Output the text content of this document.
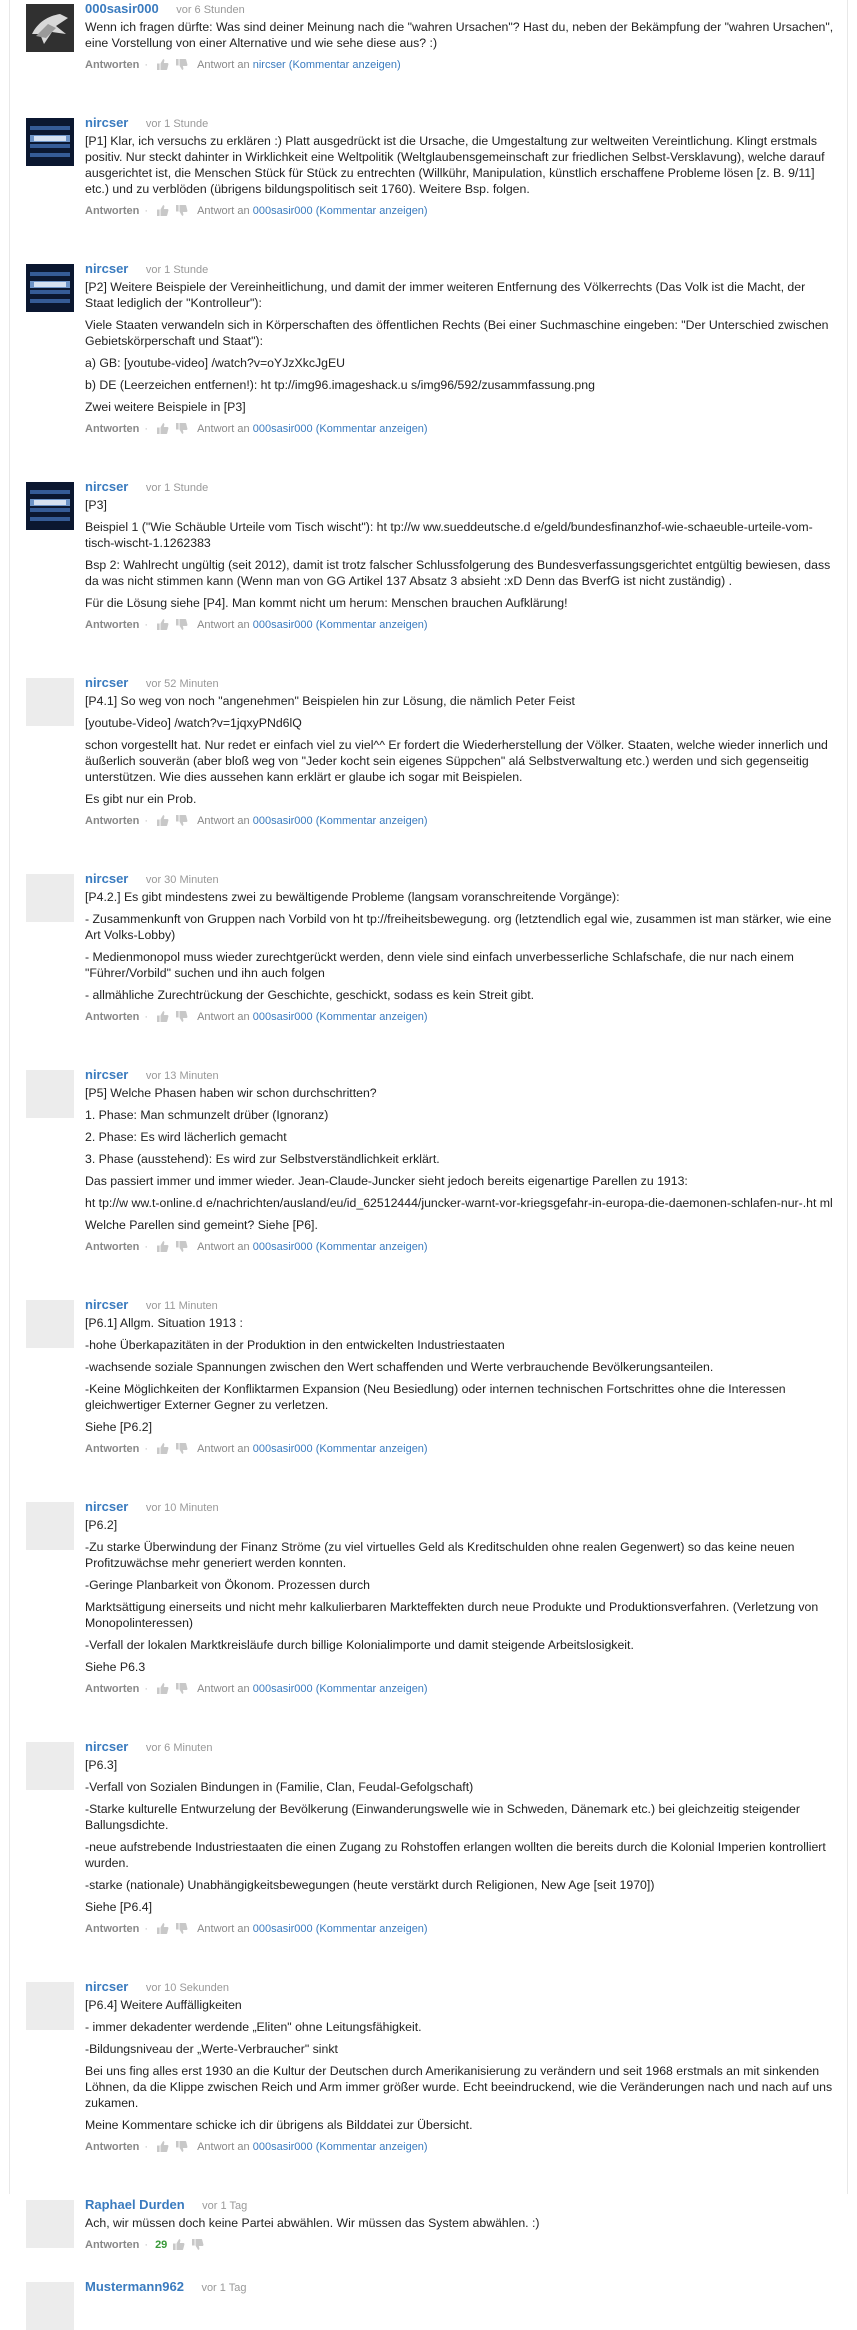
000sasir000 vor 6 Stunden

Wenn ich fragen dürfte: Was sind deiner Meinung nach die "wahren Ursachen"? Hast du, neben der Bekämpfung der "wahren Ursachen", eine Vorstellung von einer Alternative und wie sehe diese aus? :)

Antworten ·	Antwort an nircser (Kommentar anzeigen)
nircser vor 1 Stunde

[P1] Klar, ich versuchs zu erklären :) Platt ausgedrückt ist die Ursache, die Umgestaltung zur weltweiten Vereintlichung. Klingt erstmals positiv. Nur steckt dahinter in Wirklichkeit eine Weltpolitik (Weltglaubensgemeinschaft zur friedlichen Selbst-Versklavung), welche darauf ausgerichtet ist, die Menschen Stück für Stück zu entrechten (Willkühr, Manipulation, künstlich erschaffene Probleme lösen [z. B. 9/11] etc.) und zu verblöden (übrigens bildungspolitisch seit 1760). Weitere Bsp. folgen.

Antworten ·	Antwort an 000sasir000 (Kommentar anzeigen)
nircser vor 1 Stunde

[P2] Weitere Beispiele der Vereinheitlichung, und damit der immer weiteren Entfernung des Völkerrechts (Das Volk ist die Macht, der Staat lediglich der "Kontrolleur"):

Viele Staaten verwandeln sich in Körperschaften des öffentlichen Rechts (Bei einer Suchmaschine eingeben: "Der Unterschied zwischen Gebietskörperschaft und Staat"):

a) GB: [youtube-video] /watch?v=oYJzXkcJgEU

b) DE (Leerzeichen entfernen!): ht tp://img96.imageshack.u s/img96/592/zusammfassung.png

Zwei weitere Beispiele in [P3]

Antworten ·	Antwort an 000sasir000 (Kommentar anzeigen)
nircser vor 1 Stunde

[P3]

Beispiel 1 ("Wie Schäuble Urteile vom Tisch wischt"): ht tp://w ww.sueddeutsche.d e/geld/bundesfinanzhof-wie-schaeuble-urteile-vom-tisch-wischt-1.1262383

Bsp 2: Wahlrecht ungültig (seit 2012), damit ist trotz falscher Schlussfolgerung des Bundesverfassungsgerichtet entgültig bewiesen, dass da was nicht stimmen kann (Wenn man von GG Artikel 137 Absatz 3 absieht :xD Denn das BverfG ist nicht zuständig) .

Für die Lösung siehe [P4]. Man kommt nicht um herum: Menschen brauchen Aufklärung!

Antworten ·	Antwort an 000sasir000 (Kommentar anzeigen)
nircser vor 52 Minuten

[P4.1] So weg von noch "angenehmen" Beispielen hin zur Lösung, die nämlich Peter Feist

[youtube-Video] /watch?v=1jqxyPNd6lQ

schon vorgestellt hat. Nur redet er einfach viel zu viel^^ Er fordert die Wiederherstellung der Völker. Staaten, welche wieder innerlich und äußerlich souverän (aber bloß weg von "Jeder kocht sein eigenes Süppchen" alá Selbstverwaltung etc.) werden und sich gegenseitig unterstützen. Wie dies aussehen kann erklärt er glaube ich sogar mit Beispielen.

Es gibt nur ein Prob.

Antworten ·	Antwort an 000sasir000 (Kommentar anzeigen)
nircser vor 30 Minuten

[P4.2.] Es gibt mindestens zwei zu bewältigende Probleme (langsam voranschreitende Vorgänge):

- Zusammenkunft von Gruppen nach Vorbild von ht tp://freiheitsbewegung. org (letztendlich egal wie, zusammen ist man stärker, wie eine Art Volks-Lobby)

- Medienmonopol muss wieder zurechtgerückt werden, denn viele sind einfach unverbesserliche Schlafschafe, die nur nach einem "Führer/Vorbild" suchen und ihn auch folgen

- allmähliche Zurechtrückung der Geschichte, geschickt, sodass es kein Streit gibt.

Antworten ·	Antwort an 000sasir000 (Kommentar anzeigen)
nircser vor 13 Minuten

[P5] Welche Phasen haben wir schon durchschritten?

1. Phase: Man schmunzelt drüber (Ignoranz)

2. Phase: Es wird lächerlich gemacht

3. Phase (ausstehend): Es wird zur Selbstverständlichkeit erklärt.

Das passiert immer und immer wieder. Jean-Claude-Juncker sieht jedoch bereits eigenartige Parellen zu 1913:

ht tp://w ww.t-online.d e/nachrichten/ausland/eu/id_62512444/juncker-warnt-vor-kriegsgefahr-in-europa-die-daemonen-schlafen-nur-.ht ml

Welche Parellen sind gemeint? Siehe [P6].

Antworten ·	Antwort an 000sasir000 (Kommentar anzeigen)
nircser vor 11 Minuten

[P6.1] Allgm. Situation 1913 :

-hohe Überkapazitäten in der Produktion in den entwickelten Industriestaaten

-wachsende soziale Spannungen zwischen den Wert schaffenden und Werte verbrauchende Bevölkerungsanteilen.

-Keine Möglichkeiten der Konfliktarmen Expansion (Neu Besiedlung) oder internen technischen Fortschrittes ohne die Interessen gleichwertiger Externer Gegner zu verletzen.

Siehe [P6.2]

Antworten ·	Antwort an 000sasir000 (Kommentar anzeigen)
nircser vor 10 Minuten

[P6.2]

-Zu starke Überwindung der Finanz Ströme (zu viel virtuelles Geld als Kreditschulden ohne realen Gegenwert) so das keine neuen Profitzuwächse mehr generiert werden konnten.

-Geringe Planbarkeit von Ökonom. Prozessen durch

Marktsättigung einerseits und nicht mehr kalkulierbaren Markteffekten durch neue Produkte und Produktionsverfahren. (Verletzung von Monopolinteressen)

-Verfall der lokalen Marktkreisläufe durch billige Kolonialimporte und damit steigende Arbeitslosigkeit.

Siehe P6.3

Antworten ·	Antwort an 000sasir000 (Kommentar anzeigen)
nircser vor 6 Minuten

[P6.3]

-Verfall von Sozialen Bindungen in (Familie, Clan, Feudal-Gefolgschaft)

-Starke kulturelle Entwurzelung der Bevölkerung (Einwanderungswelle wie in Schweden, Dänemark etc.) bei gleichzeitig steigender Ballungsdichte.

-neue aufstrebende Industriestaaten die einen Zugang zu Rohstoffen erlangen wollten die bereits durch die Kolonial Imperien kontrolliert wurden.

-starke (nationale) Unabhängigkeitsbewegungen (heute verstärkt durch Religionen, New Age [seit 1970])

Siehe [P6.4]

Antworten ·	Antwort an 000sasir000 (Kommentar anzeigen)
nircser vor 10 Sekunden

[P6.4] Weitere Auffälligkeiten

- immer dekadenter werdende „Eliten" ohne Leitungsfähigkeit.

-Bildungsniveau der „Werte-Verbraucher" sinkt

Bei uns fing alles erst 1930 an die Kultur der Deutschen durch Amerikanisierung zu verändern und seit 1968 erstmals an mit sinkenden Löhnen, da die Klippe zwischen Reich und Arm immer größer wurde. Echt beeindruckend, wie die Veränderungen nach und nach auf uns zukamen.

Meine Kommentare schicke ich dir übrigens als Bilddatei zur Übersicht.

Antworten ·	Antwort an 000sasir000 (Kommentar anzeigen)
Raphael Durden vor 1 Tag

Ach, wir müssen doch keine Partei abwählen. Wir müssen das System abwählen. :)

Antworten · 29
Mustermann962 vor 1 Tag
